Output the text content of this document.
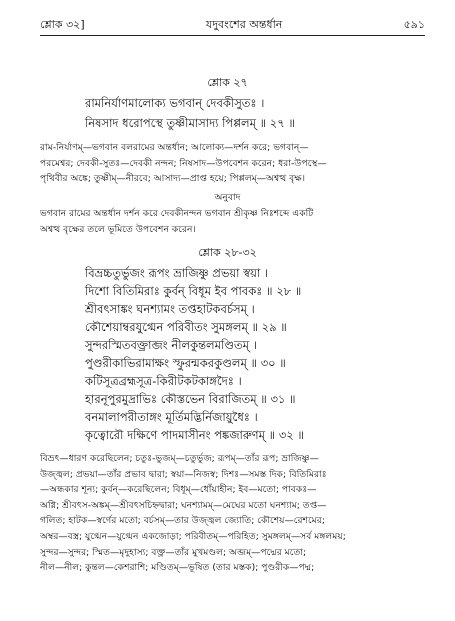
শ্লোক ৩২]	যদুবংশের অন্তর্ধান	৫৯১
শ্লোক ২৭
রামনির্যাণমালোক্য ভগবান্ দেবকীসুতঃ ।
নিষসাদ ধরোপস্থে তুষ্ণীমাসাদ্য পিপ্পলম্ ॥ ২৭ ॥
রাম-নির্যাণম্—ভগবান বলরামের অন্তর্ধান; আলোক্য—দর্শন করে; ভগবান্—
পরমেশ্বর; দেবকী-সুতঃ—দেবকী নন্দন; নিষসাদ—উপবেশন করেন; ধরা-উপস্থে—
পৃথিবীর অঙ্কে; তুষ্ণীম্—নীরবে; আসাদ্য—প্রাপ্ত হয়ে; পিপ্পলম্—অশ্বত্থ বৃক্ষ।
অনুবাদ
ভগবান রামের অন্তর্ধান দর্শন করে দেবকীনন্দন ভগবান শ্রীকৃষ্ণ নিঃশব্দে একটি
অশ্বত্থ বৃক্ষের তলে ভূমিতে উপবেশন করেন।
শ্লোক ২৮-৩২
বিভ্রচ্চতুর্ভুজং রূপং ভ্রাজিষ্ণু প্রভয়া স্বয়া ।
দিশো বিতিমিরাঃ কুর্বন্ বিধূম ইব পাবকঃ ॥ ২৮ ॥
শ্রীবৎসাঙ্কং ঘনশ্যামং তপ্তহাটকবর্চসম্ ।
কৌশেয়াম্বরযুগ্মেন পরিবীতং সুমঙ্গলম্ ॥ ২৯ ॥
সুন্দরস্মিতবক্ত্রাব্জং নীলকুন্তলমণ্ডিতম্ ।
পুণ্ডরীকাভিরামাক্ষং স্ফুরন্মকরকুণ্ডলম্ ॥ ৩০ ॥
কটিসূত্রব্রহ্মসূত্র-কিরীটকটকাঙ্গদৈঃ ।
হারনূপুরমুদ্রাভিঃ কৌস্তভেন বিরাজিতম্ ॥ ৩১ ॥
বনমালাপরীতাঙ্গং মূর্তিমদ্ভির্নিজায়ুধৈঃ ।
কৃত্বোরৌ দক্ষিণে পাদমাসীনং পঙ্কজারুণম্ ॥ ৩২ ॥
বিভ্রৎ—ধারণ করেছিলেন; চতুঃ-ভুজম্—চতুর্ভুজ; রূপম্—তাঁর রূপ; ভ্রাজিষ্ণু—
উজ্জ্বল; প্রভয়া—তাঁর প্রভাব দ্বারা; স্বয়া—নিজস্ব; দিশঃ—সমস্ত দিক; বিতিমিরাঃ
—অন্ধকার শূন্য; কুর্বন্—করেছিলেন; বিধূম্—ধোঁয়াহীন; ইব—মতো; পাবকঃ—
অগ্নি; শ্রীবৎস-অঙ্কম্—শ্রীবৎসচিহ্নদ্বারা; ঘনশ্যামম্—মেঘের মতো ঘনশ্যাম; তপ্ত—
গলিত; হাটক—স্বর্ণের মতো; বর্চসম্—তার উজ্জ্বল জ্যোতি; কৌশেয়—রেশমের;
অম্বর—বস্ত্র; যুগ্মেন—যুগ্মেন একজোড়া; পরিবীতম্—পরিহিত; সুমঙ্গলম্—সর্ব মঙ্গলময়;
সুন্দর—সুন্দর; স্মিত—মৃদুহাস্য; বক্ত্র—তাঁর মুখমণ্ডল; অব্জম্—পদ্মের মতো;
নীল—নীল; কুন্তল—কেশরাশি; মণ্ডিতম্—ভূষিত (তার মস্তক); পুণ্ডরীক—পদ্ম;
